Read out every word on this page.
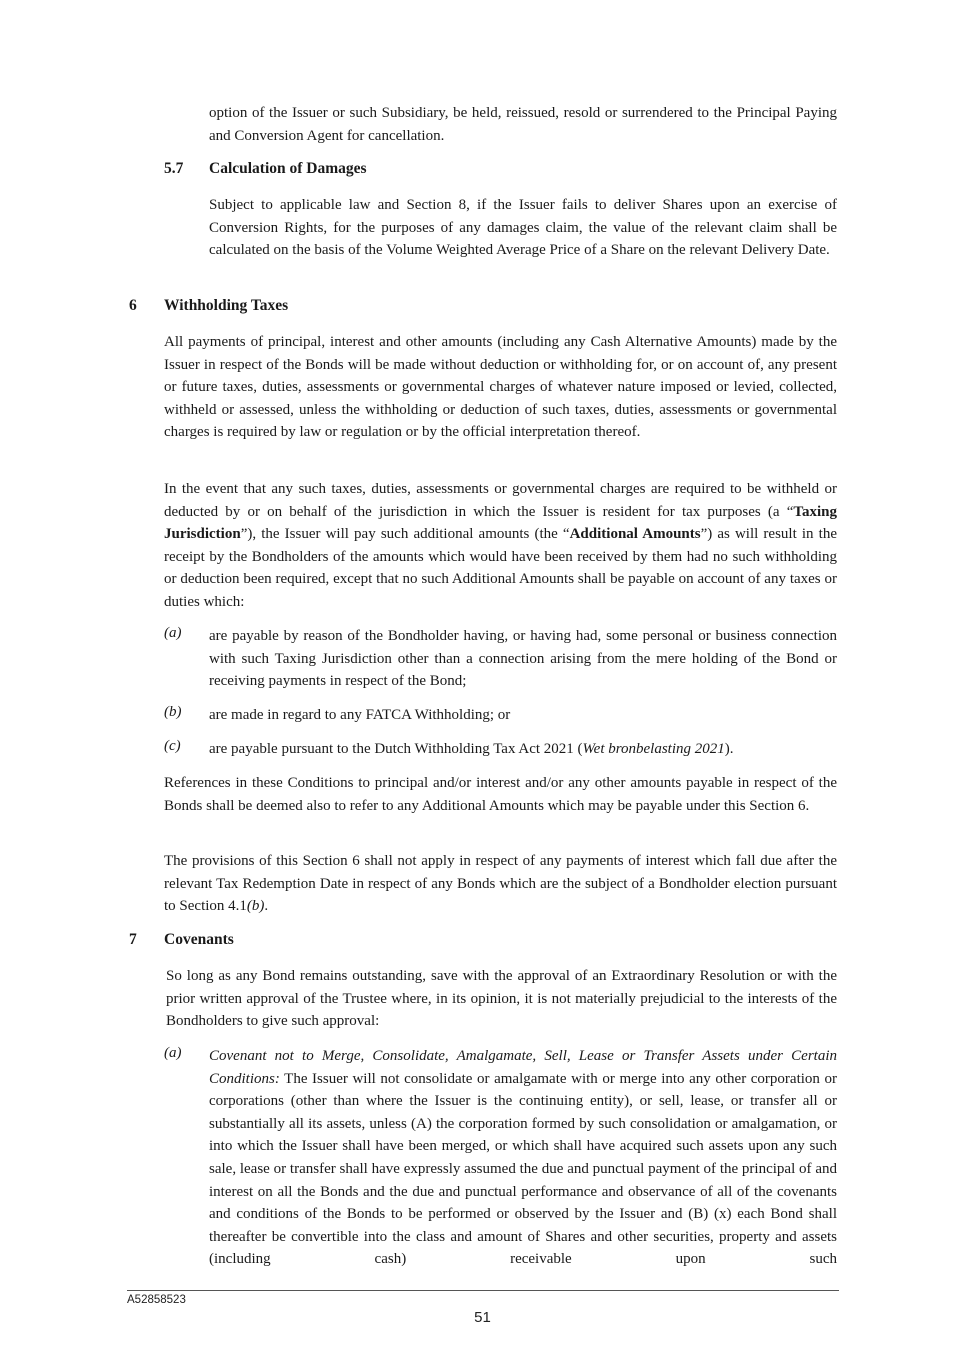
option of the Issuer or such Subsidiary, be held, reissued, resold or surrendered to the Principal Paying and Conversion Agent for cancellation.
5.7 Calculation of Damages
Subject to applicable law and Section 8, if the Issuer fails to deliver Shares upon an exercise of Conversion Rights, for the purposes of any damages claim, the value of the relevant claim shall be calculated on the basis of the Volume Weighted Average Price of a Share on the relevant Delivery Date.
6 Withholding Taxes
All payments of principal, interest and other amounts (including any Cash Alternative Amounts) made by the Issuer in respect of the Bonds will be made without deduction or withholding for, or on account of, any present or future taxes, duties, assessments or governmental charges of whatever nature imposed or levied, collected, withheld or assessed, unless the withholding or deduction of such taxes, duties, assessments or governmental charges is required by law or regulation or by the official interpretation thereof.
In the event that any such taxes, duties, assessments or governmental charges are required to be withheld or deducted by or on behalf of the jurisdiction in which the Issuer is resident for tax purposes (a “Taxing Jurisdiction”), the Issuer will pay such additional amounts (the “Additional Amounts”) as will result in the receipt by the Bondholders of the amounts which would have been received by them had no such withholding or deduction been required, except that no such Additional Amounts shall be payable on account of any taxes or duties which:
(a) are payable by reason of the Bondholder having, or having had, some personal or business connection with such Taxing Jurisdiction other than a connection arising from the mere holding of the Bond or receiving payments in respect of the Bond;
(b) are made in regard to any FATCA Withholding; or
(c) are payable pursuant to the Dutch Withholding Tax Act 2021 (Wet bronbelasting 2021).
References in these Conditions to principal and/or interest and/or any other amounts payable in respect of the Bonds shall be deemed also to refer to any Additional Amounts which may be payable under this Section 6.
The provisions of this Section 6 shall not apply in respect of any payments of interest which fall due after the relevant Tax Redemption Date in respect of any Bonds which are the subject of a Bondholder election pursuant to Section 4.1(b).
7 Covenants
So long as any Bond remains outstanding, save with the approval of an Extraordinary Resolution or with the prior written approval of the Trustee where, in its opinion, it is not materially prejudicial to the interests of the Bondholders to give such approval:
(a) Covenant not to Merge, Consolidate, Amalgamate, Sell, Lease or Transfer Assets under Certain Conditions: The Issuer will not consolidate or amalgamate with or merge into any other corporation or corporations (other than where the Issuer is the continuing entity), or sell, lease, or transfer all or substantially all its assets, unless (A) the corporation formed by such consolidation or amalgamation, or into which the Issuer shall have been merged, or which shall have acquired such assets upon any such sale, lease or transfer shall have expressly assumed the due and punctual payment of the principal of and interest on all the Bonds and the due and punctual performance and observance of all of the covenants and conditions of the Bonds to be performed or observed by the Issuer and (B) (x) each Bond shall thereafter be convertible into the class and amount of Shares and other securities, property and assets (including cash) receivable upon such
A52858523
51
